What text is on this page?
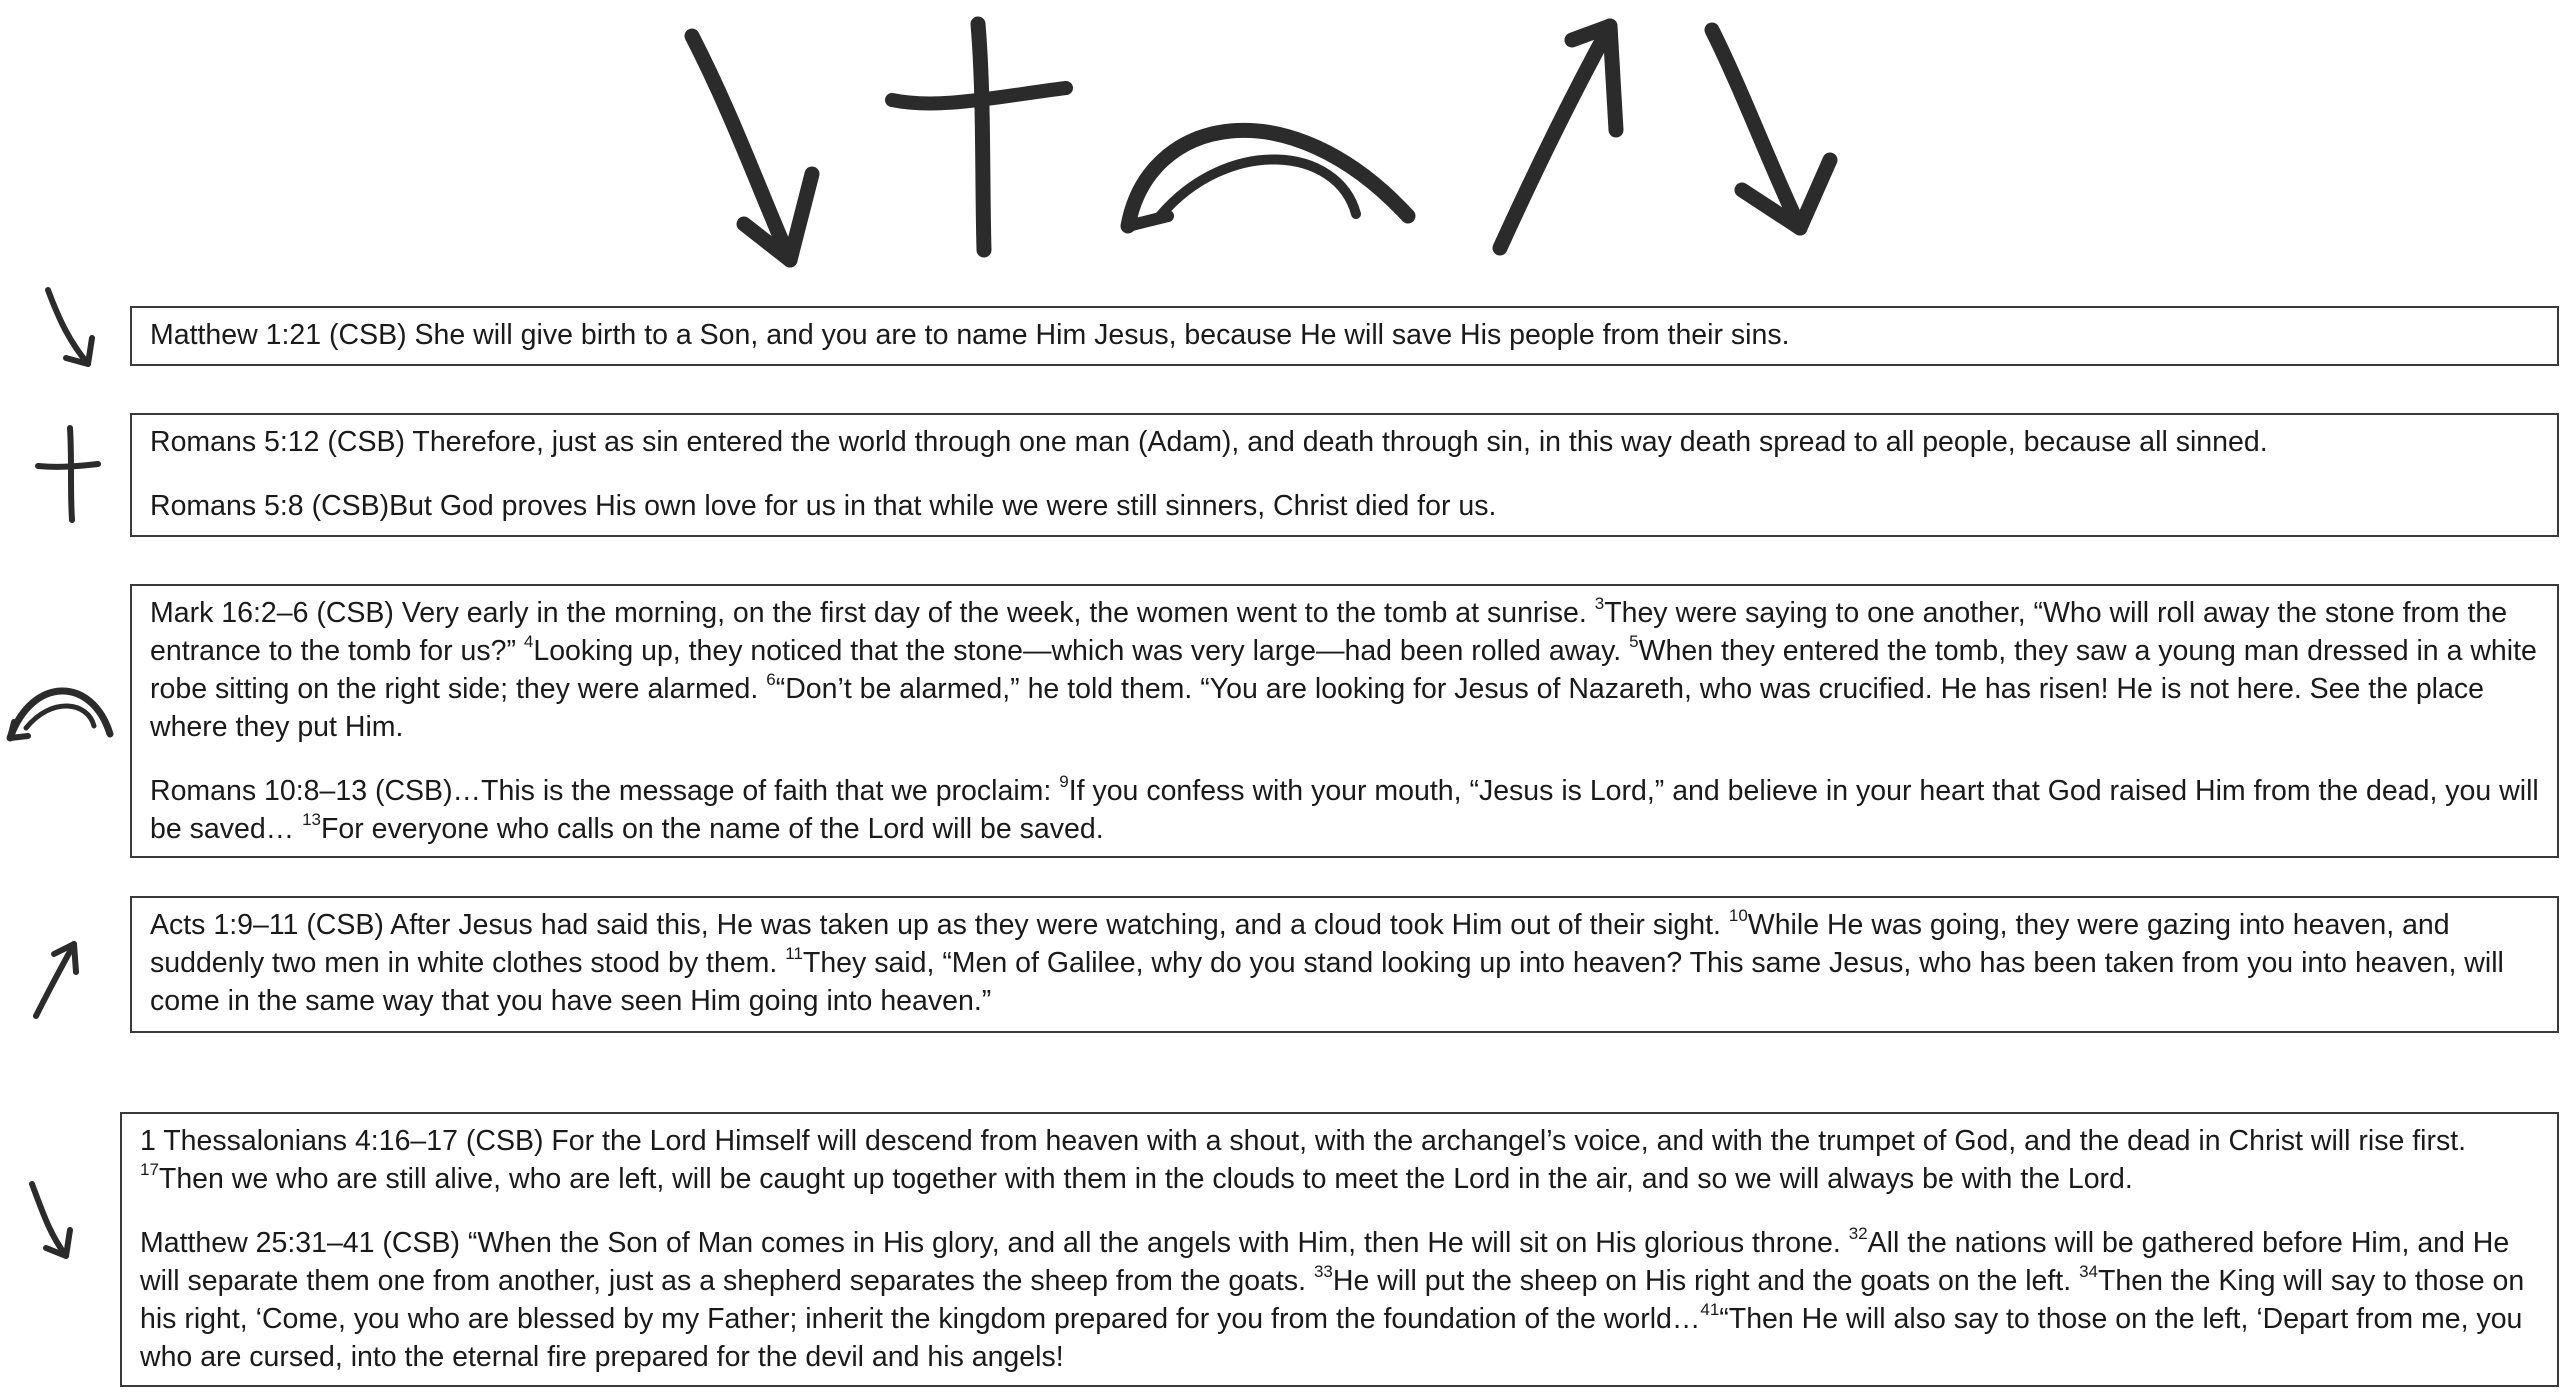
Matthew 1:21 (CSB) She will give birth to a Son, and you are to name Him Jesus, because He will save His people from their sins.

Romans 5:12 (CSB) Therefore, just as sin entered the world through one man (Adam), and death through sin, in this way death spread to all people, because all sinned.

Romans 5:8 (CSB)But God proves His own love for us in that while we were still sinners, Christ died for us.

Mark 16:2–6 (CSB) Very early in the morning, on the first day of the week, the women went to the tomb at sunrise. $^3$They were saying to one another, “Who will roll away the stone from the entrance to the tomb for us?” $^4$Looking up, they noticed that the stone—which was very large—had been rolled away. $^5$When they entered the tomb, they saw a young man dressed in a white robe sitting on the right side; they were alarmed. $^6$“Don’t be alarmed,” he told them. “You are looking for Jesus of Nazareth, who was crucified. He has risen! He is not here. See the place where they put Him.

Romans 10:8–13 (CSB)…This is the message of faith that we proclaim: $^9$If you confess with your mouth, “Jesus is Lord,” and believe in your heart that God raised Him from the dead, you will be saved… $^{13}$For everyone who calls on the name of the Lord will be saved.

Acts 1:9–11 (CSB) After Jesus had said this, He was taken up as they were watching, and a cloud took Him out of their sight. $^{10}$While He was going, they were gazing into heaven, and suddenly two men in white clothes stood by them. $^{11}$They said, “Men of Galilee, why do you stand looking up into heaven? This same Jesus, who has been taken from you into heaven, will come in the same way that you have seen Him going into heaven.”

1 Thessalonians 4:16–17 (CSB) For the Lord Himself will descend from heaven with a shout, with the archangel’s voice, and with the trumpet of God, and the dead in Christ will rise first. $^{17}$Then we who are still alive, who are left, will be caught up together with them in the clouds to meet the Lord in the air, and so we will always be with the Lord.

Matthew 25:31–41 (CSB) “When the Son of Man comes in His glory, and all the angels with Him, then He will sit on His glorious throne. $^{32}$All the nations will be gathered before Him, and He will separate them one from another, just as a shepherd separates the sheep from the goats. $^{33}$He will put the sheep on His right and the goats on the left. $^{34}$Then the King will say to those on his right, ‘Come, you who are blessed by my Father; inherit the kingdom prepared for you from the foundation of the world…$^{41}$“Then He will also say to those on the left, ‘Depart from me, you who are cursed, into the eternal fire prepared for the devil and his angels!
